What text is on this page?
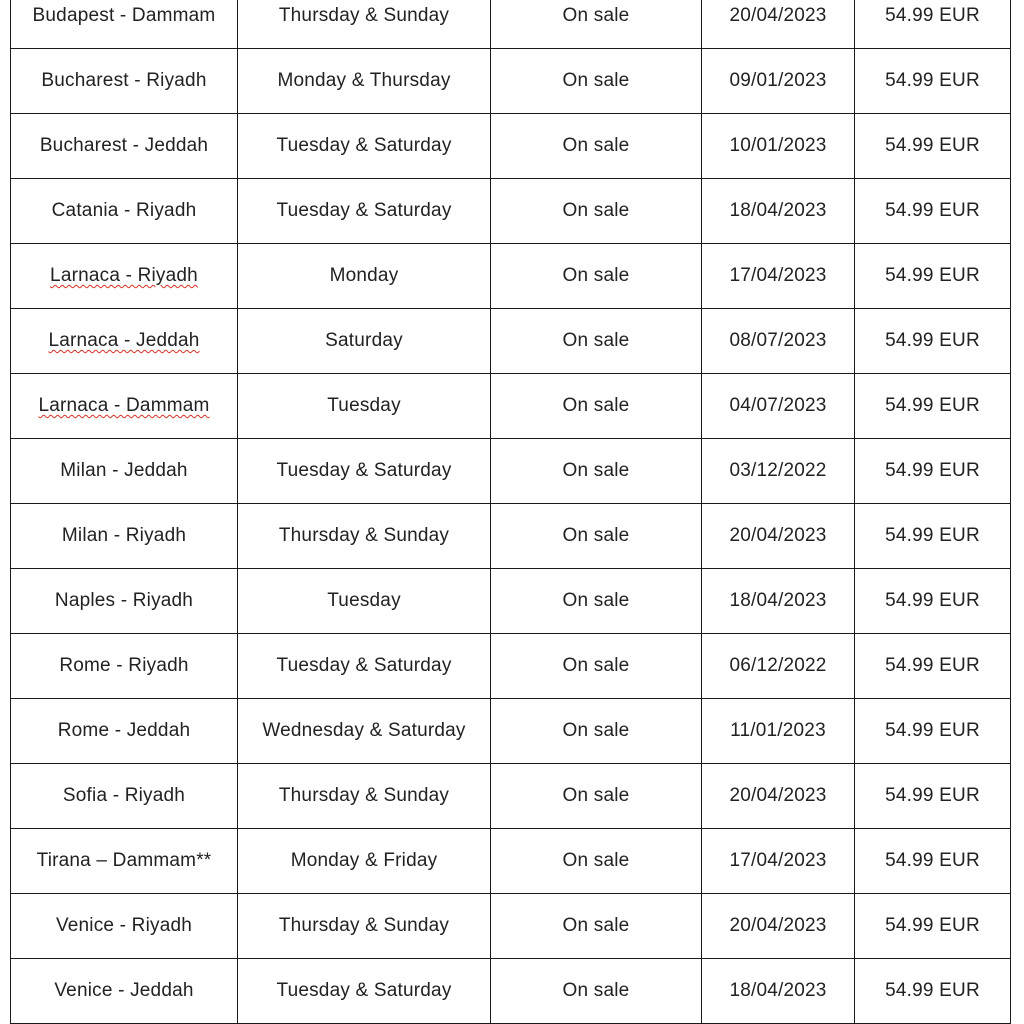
Budapest - Dammam	Thursday & Sunday	On sale	20/04/2023	54.99 EUR
Bucharest - Riyadh	Monday & Thursday	On sale	09/01/2023	54.99 EUR
Bucharest - Jeddah	Tuesday & Saturday	On sale	10/01/2023	54.99 EUR
Catania - Riyadh	Tuesday & Saturday	On sale	18/04/2023	54.99 EUR
Larnaca - Riyadh	Monday	On sale	17/04/2023	54.99 EUR
Larnaca - Jeddah	Saturday	On sale	08/07/2023	54.99 EUR
Larnaca - Dammam	Tuesday	On sale	04/07/2023	54.99 EUR
Milan - Jeddah	Tuesday & Saturday	On sale	03/12/2022	54.99 EUR
Milan - Riyadh	Thursday & Sunday	On sale	20/04/2023	54.99 EUR
Naples - Riyadh	Tuesday	On sale	18/04/2023	54.99 EUR
Rome - Riyadh	Tuesday & Saturday	On sale	06/12/2022	54.99 EUR
Rome - Jeddah	Wednesday & Saturday	On sale	11/01/2023	54.99 EUR
Sofia - Riyadh	Thursday & Sunday	On sale	20/04/2023	54.99 EUR
Tirana – Dammam**	Monday & Friday	On sale	17/04/2023	54.99 EUR
Venice - Riyadh	Thursday & Sunday	On sale	20/04/2023	54.99 EUR
Venice - Jeddah	Tuesday & Saturday	On sale	18/04/2023	54.99 EUR
